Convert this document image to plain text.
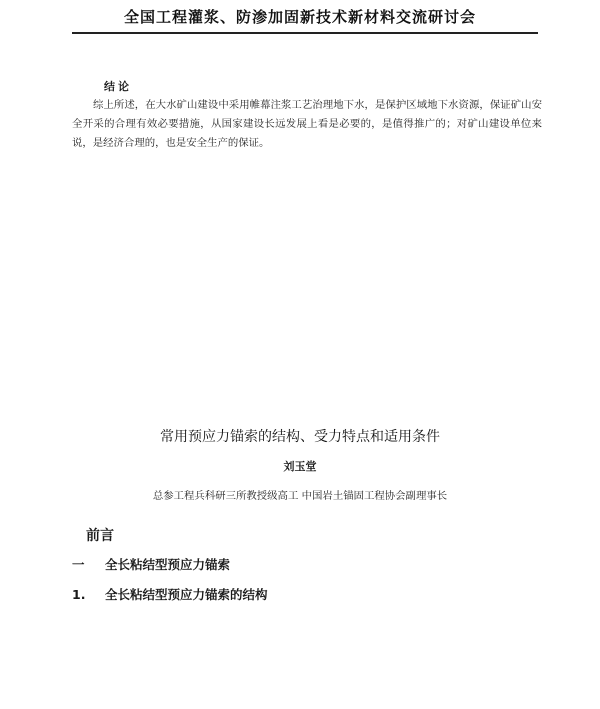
全国工程灌浆、防渗加固新技术新材料交流研讨会
结论
综上所述，在大水矿山建设中采用帷幕注浆工艺治理地下水，是保护区域地下水资源，保证矿山安全开采的合理有效必要措施，从国家建设长远发展上看是必要的，是值得推广的；对矿山建设单位来说，是经济合理的，也是安全生产的保证。
常用预应力锚索的结构、受力特点和适用条件
刘玉堂
总参工程兵科研三所教授级高工 中国岩土锚固工程协会副理事长
前言
一 全长粘结型预应力锚索
1. 全长粘结型预应力锚索的结构
